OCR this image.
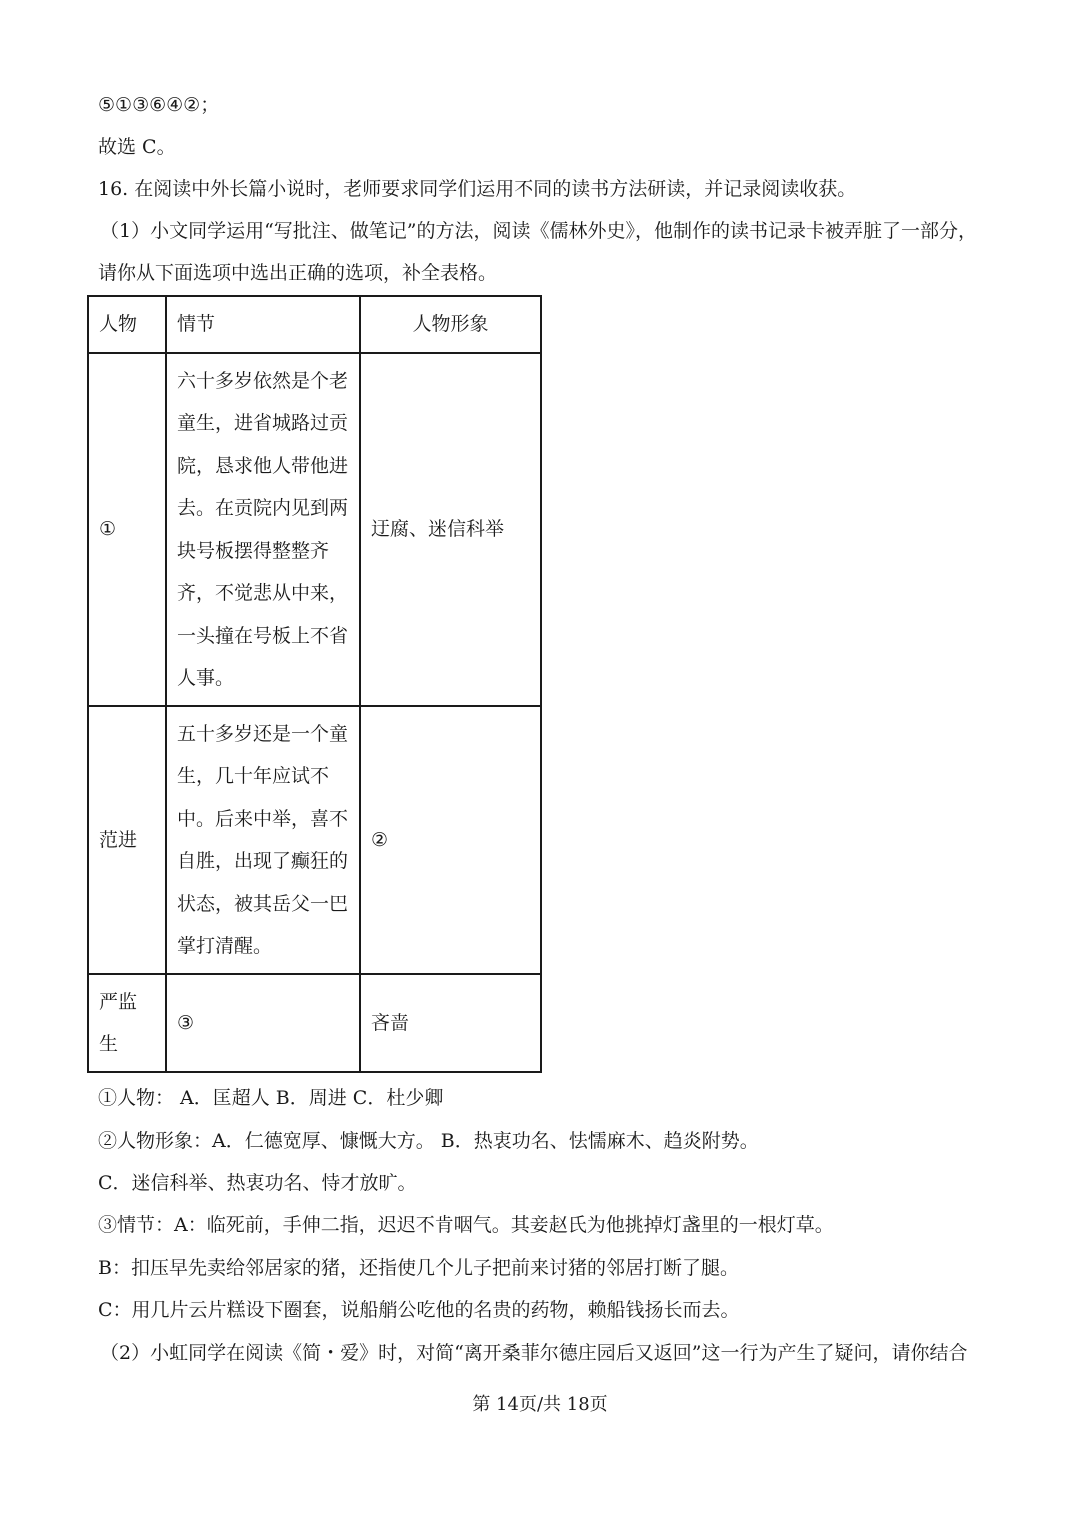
⑤①③⑥④②；
故选 C。
16. 在阅读中外长篇小说时，老师要求同学们运用不同的读书方法研读，并记录阅读收获。
（1）小文同学运用“写批注、做笔记”的方法，阅读《儒林外史》，他制作的读书记录卡被弄脏了一部分，
请你从下面选项中选出正确的选项，补全表格。
人物	情节	人物形象
①	六十多岁依然是个老童生，进省城路过贡院，恳求他人带他进去。在贡院内见到两块号板摆得整整齐齐，不觉悲从中来，一头撞在号板上不省人事。	迂腐、迷信科举
范进	五十多岁还是一个童生，几十年应试不中。后来中举，喜不自胜，出现了癫狂的状态，被其岳父一巴掌打清醒。	②
严监生	③	吝啬
①人物： A．匡超人 B．周进 C．杜少卿
②人物形象：A．仁德宽厚、慷慨大方。 B．热衷功名、怯懦麻木、趋炎附势。
C．迷信科举、热衷功名、恃才放旷。
③情节：A：临死前，手伸二指，迟迟不肯咽气。其妾赵氏为他挑掉灯盏里的一根灯草。
B：扣压早先卖给邻居家的猪，还指使几个儿子把前来讨猪的邻居打断了腿。
C：用几片云片糕设下圈套，说船艄公吃他的名贵的药物，赖船钱扬长而去。
（2）小虹同学在阅读《简・爱》时，对简“离开桑菲尔德庄园后又返回”这一行为产生了疑问，请你结合
第 14页/共 18页
